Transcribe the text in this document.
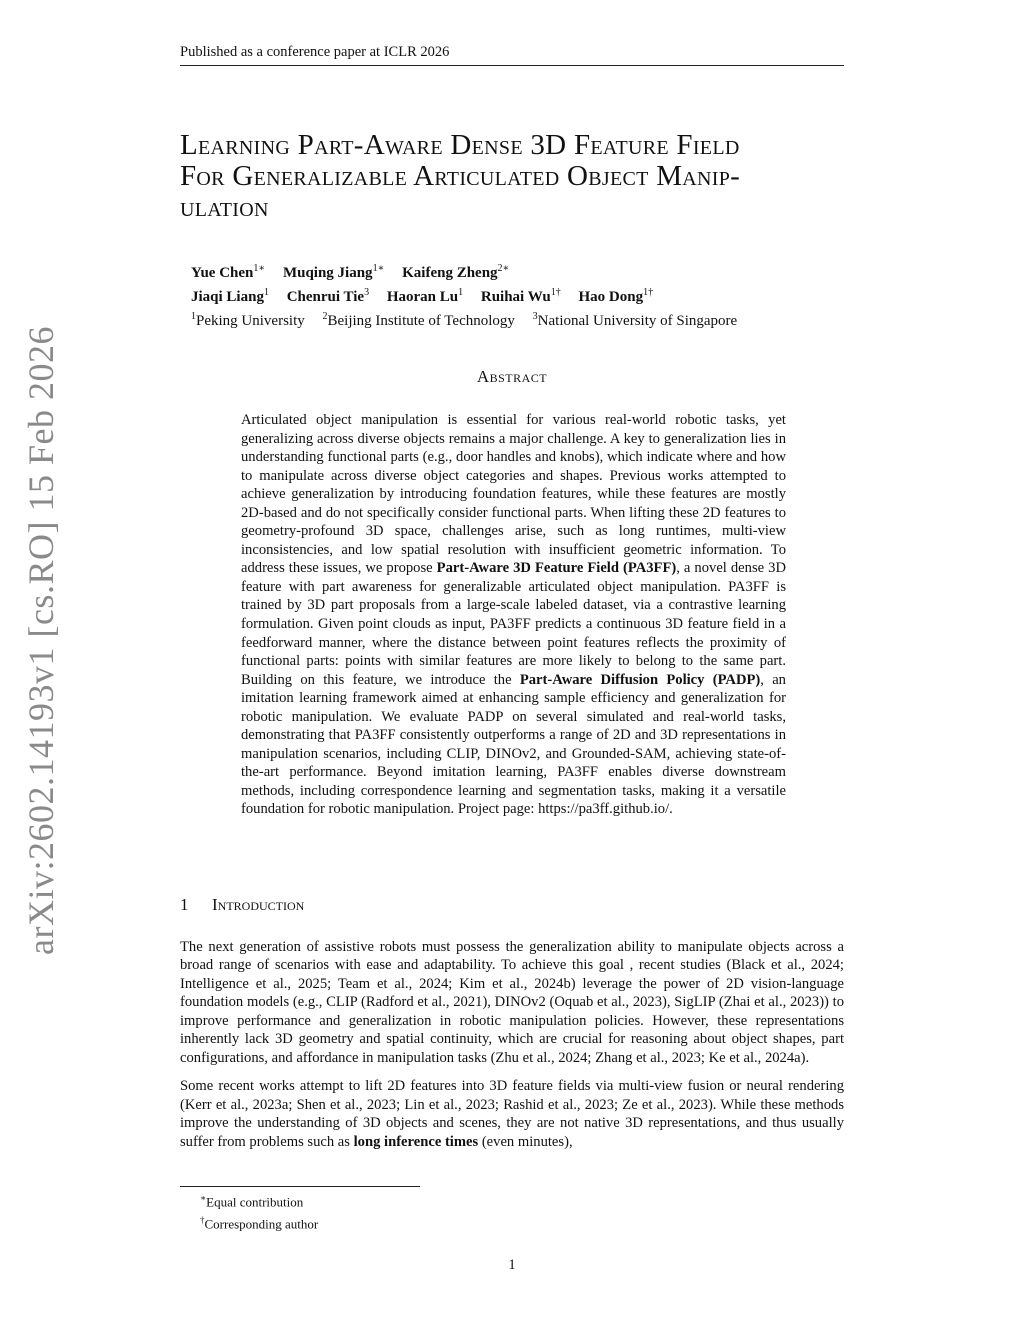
Published as a conference paper at ICLR 2026
arXiv:2602.14193v1 [cs.RO] 15 Feb 2026
Learning Part-Aware Dense 3D Feature Field
For Generalizable Articulated Object Manip-
ulation
Yue Chen$^{1∗}$ Muqing Jiang$^{1∗}$ Kaifeng Zheng$^{2∗}$
Jiaqi Liang$^1$ Chenrui Tie$^3$ Haoran Lu$^1$ Ruihai $Wu^{1\dagger}$ Hao Dong$^{1\dagger}$
$^1$Peking University $^2$Beijing Institute of Technology $^3$National University of Singapore
Abstract
Articulated object manipulation is essential for various real-world robotic tasks, yet generalizing across diverse objects remains a major challenge. A key to generalization lies in understanding functional parts (e.g., door handles and knobs), which indicate where and how to manipulate across diverse object categories and shapes. Previous works attempted to achieve generalization by introducing foundation features, while these features are mostly 2D-based and do not specifically consider functional parts. When lifting these 2D features to geometry-profound 3D space, challenges arise, such as long runtimes, multi-view inconsistencies, and low spatial resolution with insufficient geometric information. To address these issues, we propose Part-Aware 3D Feature Field (PA3FF), a novel dense 3D feature with part awareness for generalizable articulated object manipulation. PA3FF is trained by 3D part proposals from a large-scale labeled dataset, via a contrastive learning formulation. Given point clouds as input, PA3FF predicts a continuous 3D feature field in a feedforward manner, where the distance between point features reflects the proximity of functional parts: points with similar features are more likely to belong to the same part. Building on this feature, we introduce the Part-Aware Diffusion Policy (PADP), an imitation learning framework aimed at enhancing sample efficiency and generalization for robotic manipulation. We evaluate PADP on several simulated and real-world tasks, demonstrating that PA3FF consistently outperforms a range of 2D and 3D representations in manipulation scenarios, including CLIP, DINOv2, and Grounded-SAM, achieving state-of-the-art performance. Beyond imitation learning, PA3FF enables diverse downstream methods, including correspondence learning and segmentation tasks, making it a versatile foundation for robotic manipulation. Project page: https://pa3ff.github.io/.
1 Introduction

The next generation of assistive robots must possess the generalization ability to manipulate objects across a broad range of scenarios with ease and adaptability. To achieve this goal , recent studies (Black et al., 2024; Intelligence et al., 2025; Team et al., 2024; Kim et al., 2024b) leverage the power of 2D vision-language foundation models (e.g., CLIP (Radford et al., 2021), DINOv2 (Oquab et al., 2023), SigLIP (Zhai et al., 2023)) to improve performance and generalization in robotic manipulation policies. However, these representations inherently lack 3D geometry and spatial continuity, which are crucial for reasoning about object shapes, part configurations, and affordance in manipulation tasks (Zhu et al., 2024; Zhang et al., 2023; Ke et al., 2024a).

Some recent works attempt to lift 2D features into 3D feature fields via multi-view fusion or neural rendering (Kerr et al., 2023a; Shen et al., 2023; Lin et al., 2023; Rashid et al., 2023; Ze et al., 2023). While these methods improve the understanding of 3D objects and scenes, they are not native 3D representations, and thus usually suffer from problems such as long inference times (even minutes),

∗Equal contribution
†Corresponding author
1
